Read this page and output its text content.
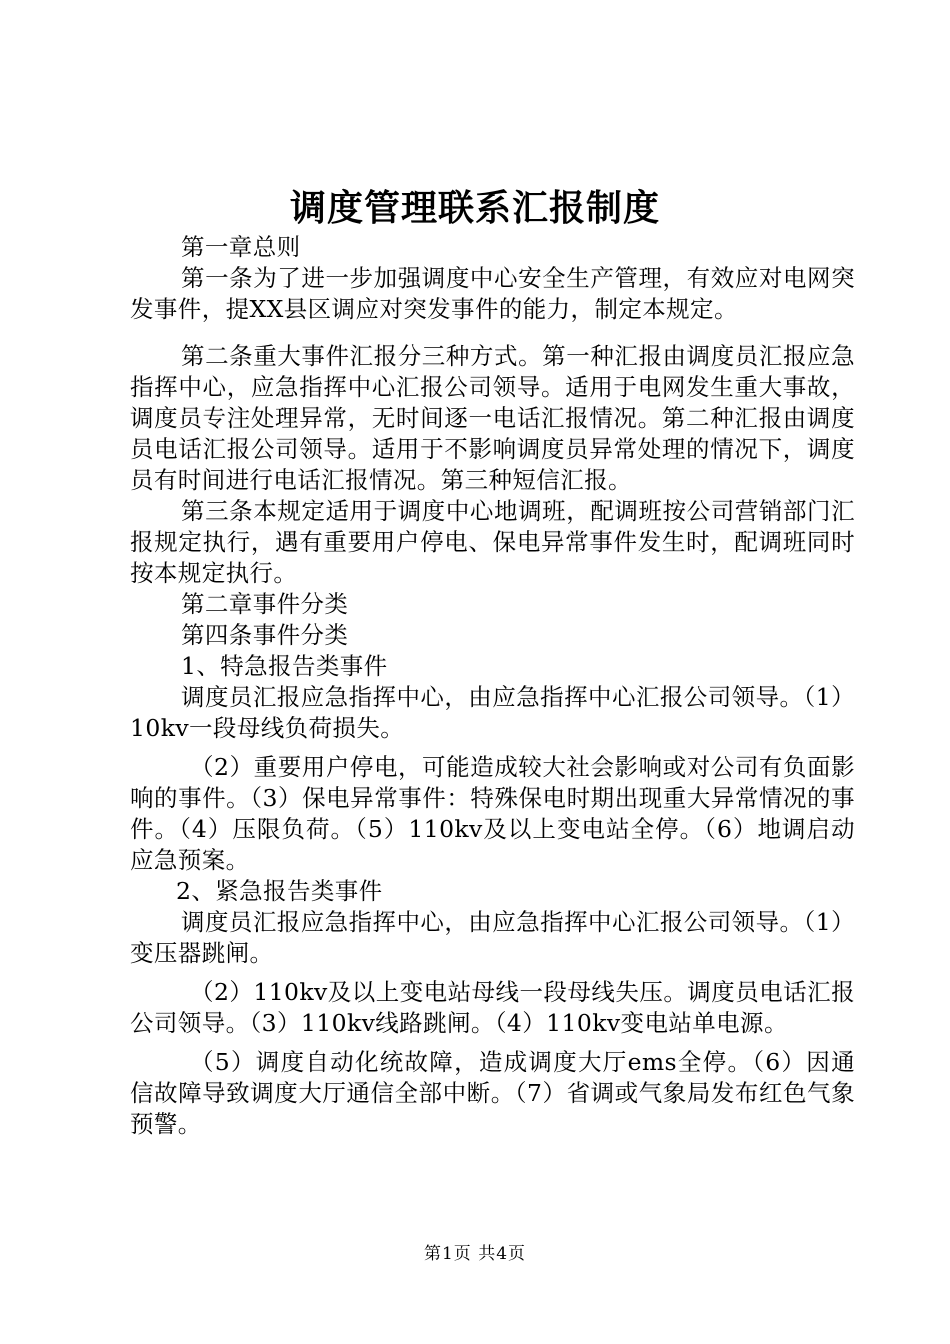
调度管理联系汇报制度

第一章总则

第一条为了进一步加强调度中心安全生产管理，有效应对电网突发事件，提XX县区调应对突发事件的能力，制定本规定。

第二条重大事件汇报分三种方式。第一种汇报由调度员汇报应急指挥中心，应急指挥中心汇报公司领导。适用于电网发生重大事故，调度员专注处理异常，无时间逐一电话汇报情况。第二种汇报由调度员电话汇报公司领导。适用于不影响调度员异常处理的情况下，调度员有时间进行电话汇报情况。第三种短信汇报。

第三条本规定适用于调度中心地调班，配调班按公司营销部门汇报规定执行，遇有重要用户停电、保电异常事件发生时，配调班同时按本规定执行。

第二章事件分类

第四条事件分类

1、特急报告类事件

调度员汇报应急指挥中心，由应急指挥中心汇报公司领导。（1）10kv一段母线负荷损失。

（2）重要用户停电，可能造成较大社会影响或对公司有负面影响的事件。（3）保电异常事件：特殊保电时期出现重大异常情况的事件。（4）压限负荷。（5）110kv及以上变电站全停。（6）地调启动应急预案。

2、紧急报告类事件

调度员汇报应急指挥中心，由应急指挥中心汇报公司领导。（1）变压器跳闸。

（2）110kv及以上变电站母线一段母线失压。调度员电话汇报公司领导。（3）110kv线路跳闸。（4）110kv变电站单电源。

（5）调度自动化统故障，造成调度大厅ems全停。（6）因通信故障导致调度大厅通信全部中断。（7）省调或气象局发布红色气象预警。

第1页 共4页
